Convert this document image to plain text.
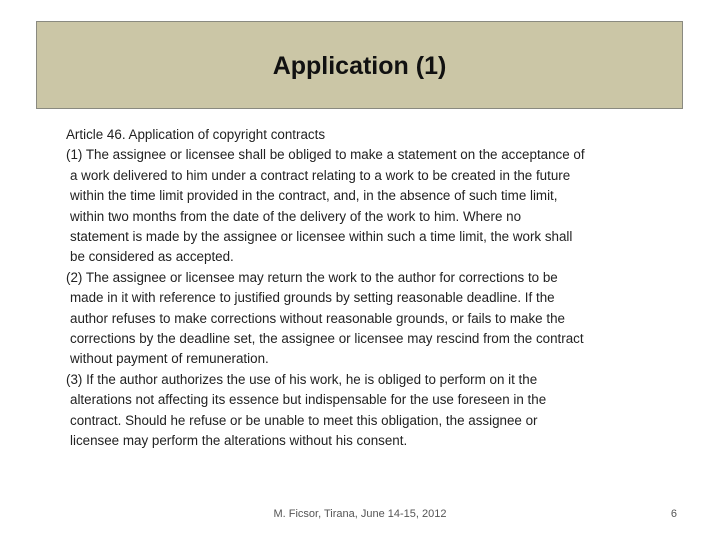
Application (1)
Article 46. Application of copyright contracts
(1) The assignee or licensee shall be obliged to make a statement on the acceptance of
a work delivered to him under a contract relating to a work to be created in the future
within the time limit provided in the contract, and, in the absence of such time limit,
within two months from the date of the delivery of the work to him. Where no
statement is made by the assignee or licensee within such a time limit, the work shall
be considered as accepted.
(2) The assignee or licensee may return the work to the author for corrections to be
made in it with reference to justified grounds by setting reasonable deadline. If the
author refuses to make corrections without reasonable grounds, or fails to make the
corrections by the deadline set, the assignee or licensee may rescind from the contract
without payment of remuneration.
(3) If the author authorizes the use of his work, he is obliged to perform on it the
alterations not affecting its essence but indispensable for the use foreseen in the
contract. Should he refuse or be unable to meet this obligation, the assignee or
licensee may perform the alterations without his consent.
M. Ficsor, Tirana, June 14-15, 2012	6
